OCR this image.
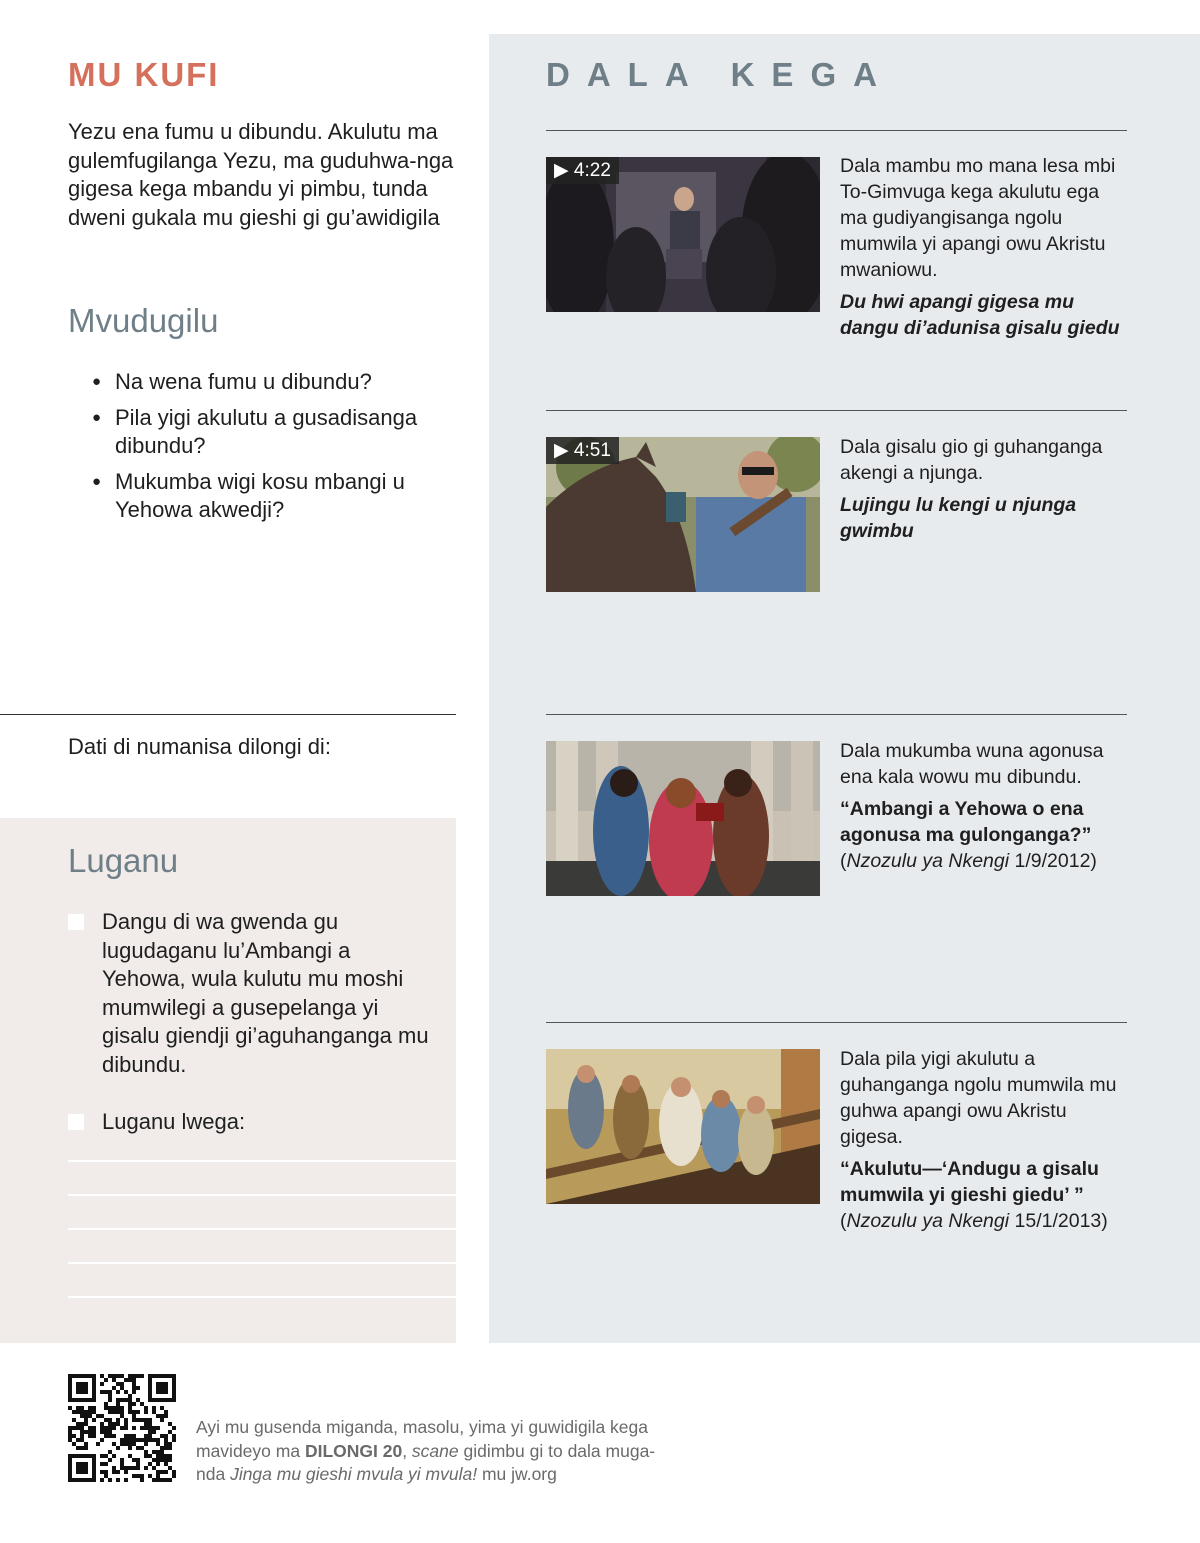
MU KUFI

Yezu ena fumu u dibundu. Akulutu ma gulemfugilanga Yezu, ma guduhwa-nga gigesa kega mbandu yi pimbu, tunda dweni gukala mu gieshi gi gu’awidigila

Mvudugilu
● Na wena fumu u dibundu?
● Pila yigi akulutu a gusadisanga dibundu?
● Mukumba wigi kosu mbangi u Yehowa akwedji?
Dati di numanisa dilongi di:
Luganu
Dangu di wa gwenda gu lugudaganu lu’Ambangi a Yehowa, wula kulutu mu moshi mumwilegi a gusepelanga yi gisalu giendji gi’aguhanganga mu dibundu.
Luganu lwega:
DALA KEGA
▶ 4:22	Dala mambu mo mana lesa mbi To-Gimvuga kega akulutu ega ma gudiyangisanga ngolu mumwila yi apangi owu Akristu mwaniowu.
Du hwi apangi gigesa mu dangu di’adunisa gisalu giedu
▶ 4:51	Dala gisalu gio gi guhanganga akengi a njunga.
Lujingu lu kengi u njunga gwimbu
Dala mukumba wuna agonusa ena kala wowu mu dibundu.
“Ambangi a Yehowa o ena agonusa ma gulonganga?”
(Nzozulu ya Nkengi 1/9/2012)
Dala pila yigi akulutu a guhanganga ngolu mumwila mu guhwa apangi owu Akristu gigesa.
“Akulutu—‘Andugu a gisalu mumwila yi gieshi giedu’ ”
(Nzozulu ya Nkengi 15/1/2013)
Ayi mu gusenda miganda, masolu, yima yi guwidigila kega
mavideyo ma DILONGI 20, scane gidimbu gi to dala muga-
nda Jinga mu gieshi mvula yi mvula! mu jw.org
